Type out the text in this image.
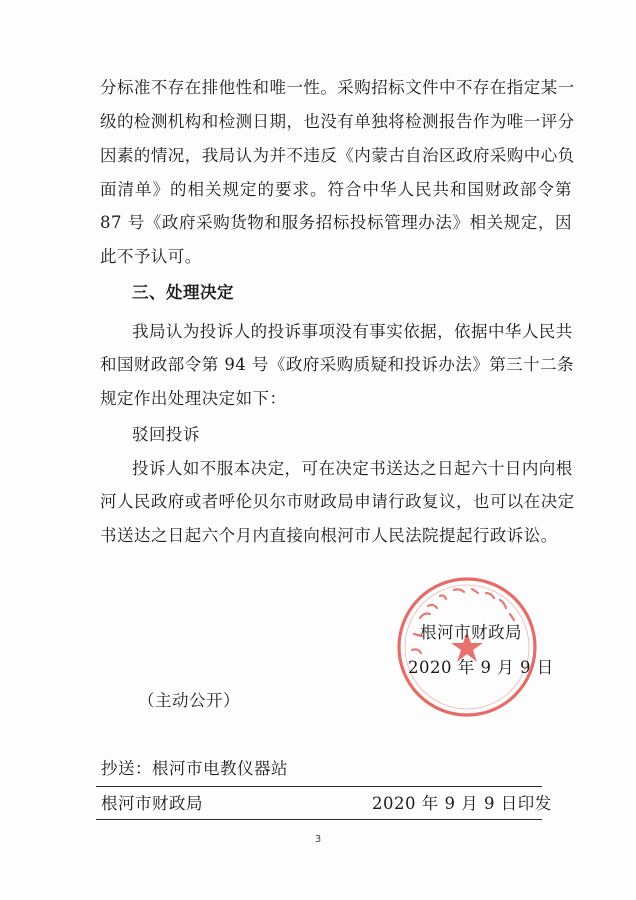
分标准不存在排他性和唯一性。采购招标文件中不存在指定某一
级的检测机构和检测日期，也没有单独将检测报告作为唯一评分
因素的情况，我局认为并不违反《内蒙古自治区政府采购中心负
面清单》的相关规定的要求。符合中华人民共和国财政部令第
87 号《政府采购货物和服务招标投标管理办法》相关规定，因
此不予认可。
三、处理决定
我局认为投诉人的投诉事项没有事实依据，依据中华人民共
和国财政部令第 94 号《政府采购质疑和投诉办法》第三十二条
规定作出处理决定如下：
驳回投诉
投诉人如不服本决定，可在决定书送达之日起六十日内向根
河人民政府或者呼伦贝尔市财政局申请行政复议，也可以在决定
书送达之日起六个月内直接向根河市人民法院提起行政诉讼。
根河市财政局
2020 年 9 月 9 日
（主动公开）
抄送：根河市电教仪器站
根河市财政局	2020 年 9 月 9 日印发
3
